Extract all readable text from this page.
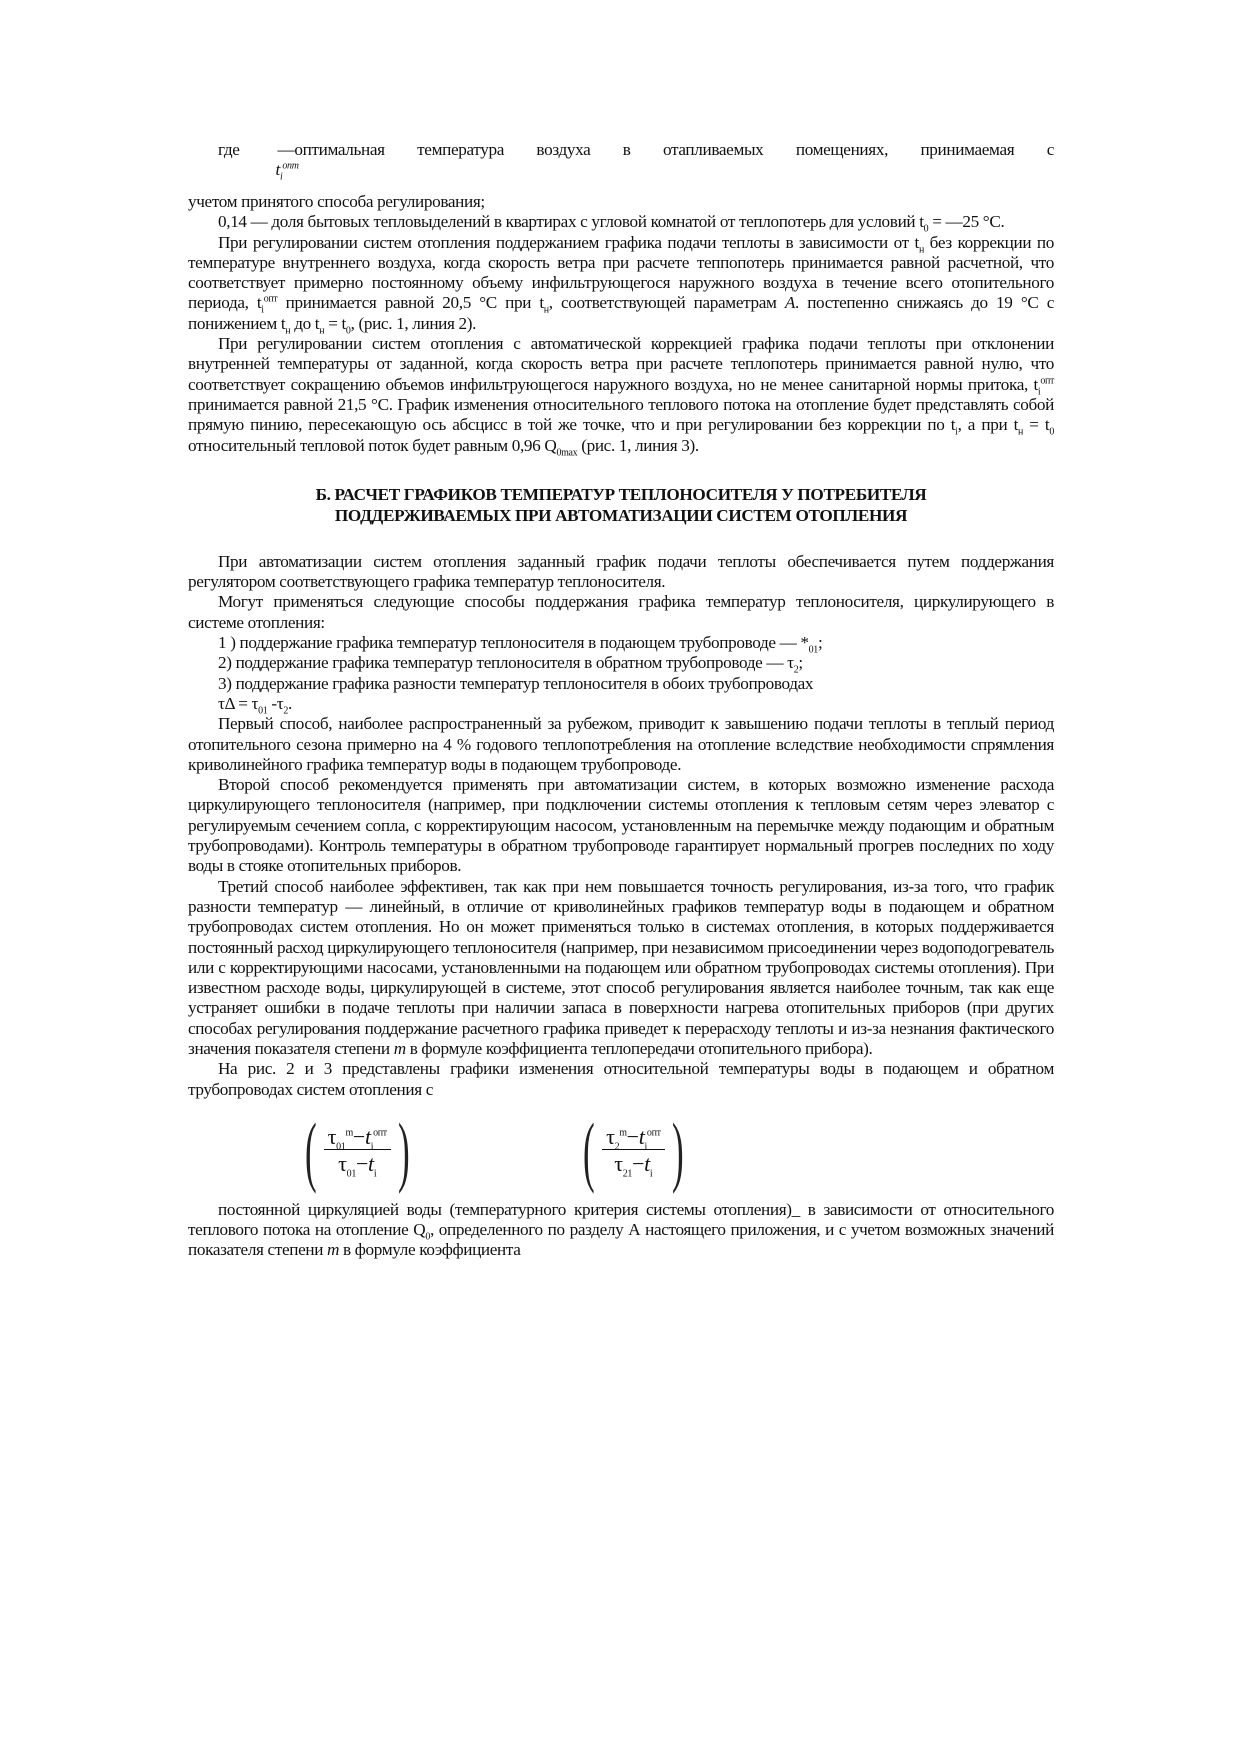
где
$t_i^{опт}$
—оптимальная температура воздуха в отапливаемых помещениях, принимаемая с

учетом принятого способа регулирования;

0,14 — доля бытовых тепловыделений в квартирах с угловой комнатой от теплопотерь для условий $t_0$ = —25 °С.

При регулировании систем отопления поддержанием графика подачи теплоты в зависимости от $t_н$ без коррекции по температуре внутреннего воздуха, когда скорость ветра при расчете теппопотерь принимается равной расчетной, что соответствует примерно постоянному объему инфильтрующегося наружного воздуха в течение всего отопительного периода, $t_i^{опт}$ принимается равной 20,5 °С при $t_н$, соответствующей параметрам А. постепенно снижаясь до 19 °С с понижением $t_н$ до $t_н = t_0$, (рис. 1, линия 2).

При регулировании систем отопления с автоматической коррекцией графика подачи теплоты при отклонении внутренней температуры от заданной, когда скорость ветра при расчете теплопотерь принимается равной нулю, что соответствует сокращению объемов инфильтрующегося наружного воздуха, но не менее санитарной нормы притока, $t_i^{опт}$ принимается равной 21,5 °С. График изменения относительного теплового потока на отопление будет представлять собой прямую пинию, пересекающую ось абсцисс в той же точке, что и при регулировании без коррекции по $t_i$, а при $t_н = t_0$ относительный тепловой поток будет равным 0,96 $Q_{0max}$ (рис. 1, линия 3).

Б. РАСЧЕТ ГРАФИКОВ ТЕМПЕРАТУР ТЕПЛОНОСИТЕЛЯ У ПОТРЕБИТЕЛЯ
ПОДДЕРЖИВАЕМЫХ ПРИ АВТОМАТИЗАЦИИ СИСТЕМ ОТОПЛЕНИЯ

При автоматизации систем отопления заданный график подачи теплоты обеспечивается путем поддержания регулятором соответствующего графика температур теплоносителя.

Могут применяться следующие способы поддержания графика температур теплоносителя, циркулирующего в системе отопления:

1 ) поддержание графика температур теплоносителя в подающем трубопроводе — $*_{01}$;

2) поддержание графика температур теплоносителя в обратном трубопроводе — $\tau_2$;

3) поддержание графика разности температур теплоносителя в обоих трубопроводах

$\tau\Delta = \tau_{01}$ $-\tau_2$.

Первый способ, наиболее распространенный за рубежом, приводит к завышению подачи теплоты в теплый период отопительного сезона примерно на 4 % годового теплопотребления на отопление вследствие необходимости спрямления криволинейного графика температур воды в подающем трубопроводе.

Второй способ рекомендуется применять при автоматизации систем, в которых возможно изменение расхода циркулирующего теплоносителя (например, при подключении системы отопления к тепловым сетям через элеватор с регулируемым сечением сопла, с корректирующим насосом, установленным на перемычке между подающим и обратным трубопроводами). Контроль температуры в обратном трубопроводе гарантирует нормальный прогрев последних по ходу воды в стояке отопительных приборов.

Третий способ наиболее эффективен, так как при нем повышается точность регулирования, из-за того, что график разности температур — линейный, в отличие от криволинейных графиков температур воды в подающем и обратном трубопроводах систем отопления. Но он может применяться только в системах отопления, в которых поддерживается постоянный расход циркулирующего теплоносителя (например, при независимом присоединении через водоподогреватель или с корректирующими насосами, установленными на подающем или обратном трубопроводах системы отопления). При известном расходе воды, циркулирующей в системе, этот способ регулирования является наиболее точным, так как еще устраняет ошибки в подаче теплоты при наличии запаса в поверхности нагрева отопительных приборов (при других способах регулирования поддержание расчетного графика приведет к перерасходу теплоты и из-за незнания фактического значения показателя степени m в формуле коэффициента теплопередачи отопительного прибора).

На рис. 2 и 3 представлены графики изменения относительной температуры воды в подающем и обратном трубопроводах систем отопления с

( $\frac{\tau_{01}^m-t_i^{опт}}{\tau_{01}-t_i}$ ) ( $\frac{\tau_2^m-t_i^{опт}}{\tau_{21}-t_i}$ )

постоянной циркуляцией воды (температурного критерия системы отопления)_ в зависимости от относительного теплового потока на отопление $Q_0$, определенного по разделу А настоящего приложения, и с учетом возможных значений показателя степени m в формуле коэффициента
